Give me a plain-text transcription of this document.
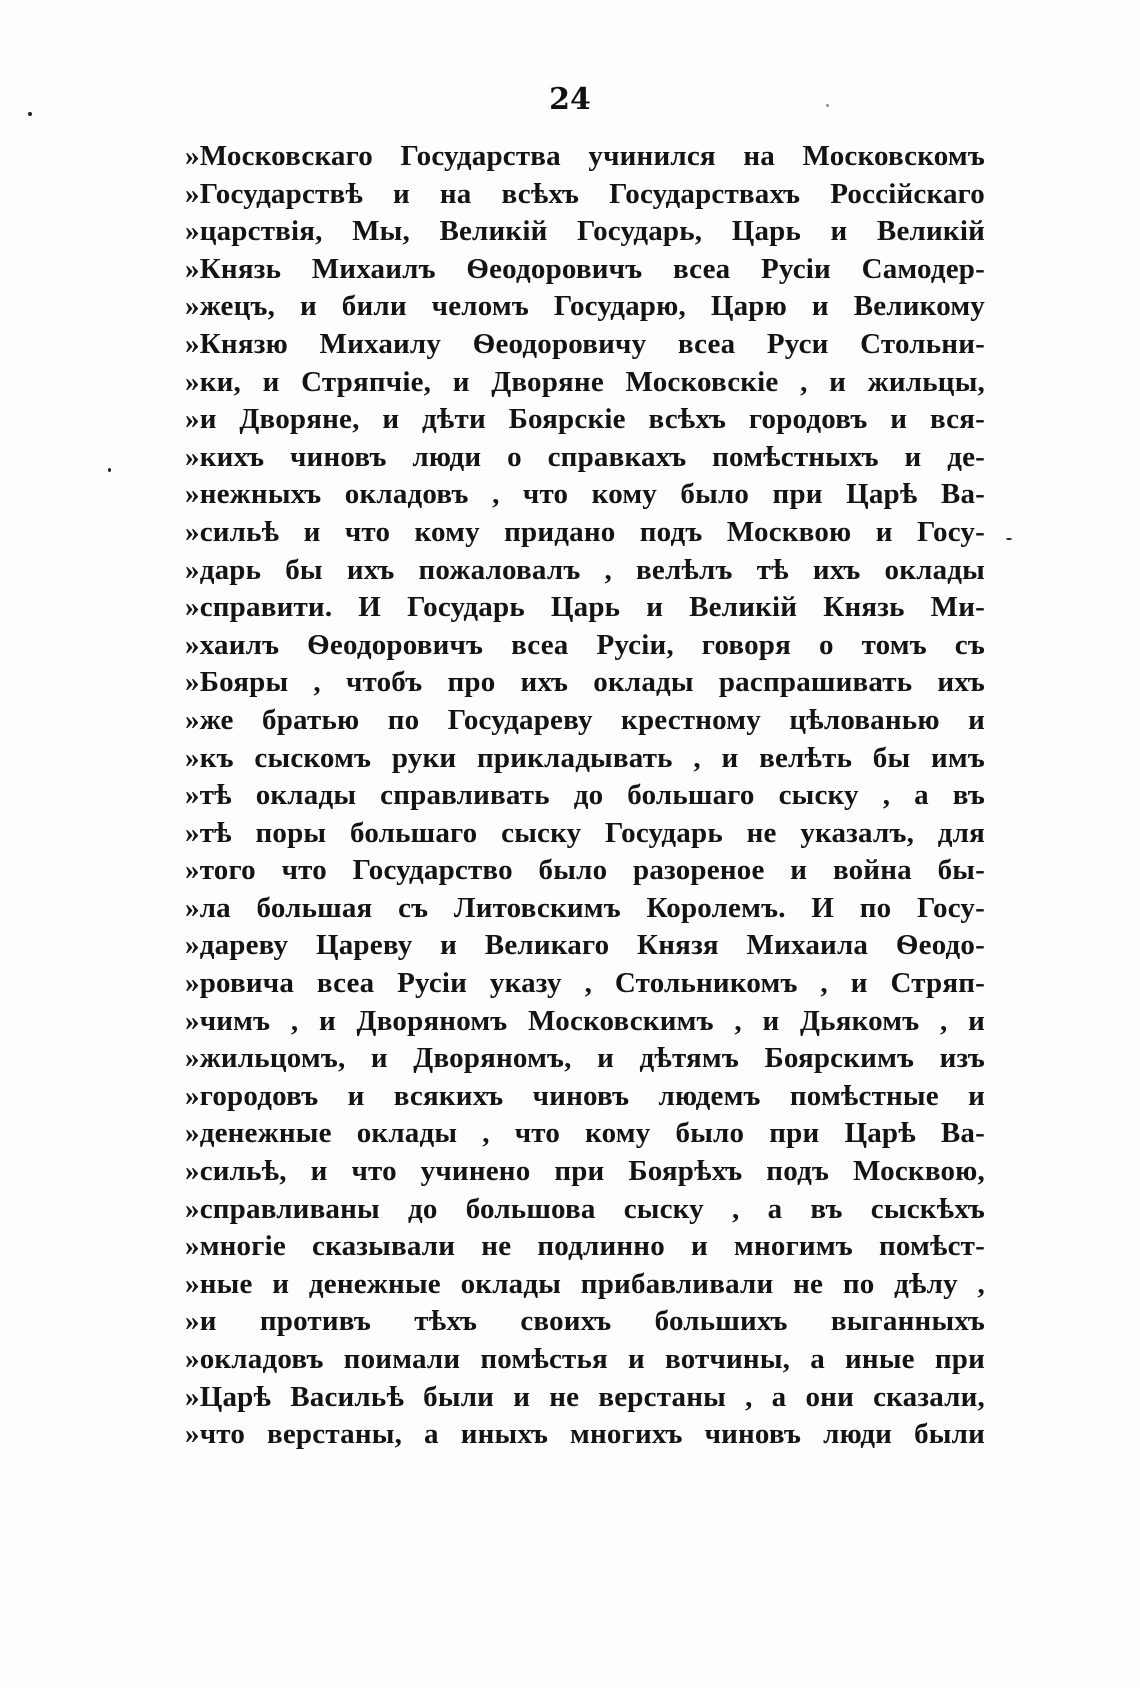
24
»Московскаго Государства учинился на Московскомъ
»Государствѣ и на всѣхъ Государствахъ Россійскаго
»царствія, Мы, Великій Государь, Царь и Великій
»Князь Михаилъ Ѳеодоровичъ всеа Русіи Самодер-
»жецъ, и били челомъ Государю, Царю и Великому
»Князю Михаилу Ѳеодоровичу всеа Руси Стольни-
»ки, и Стряпчіе, и Дворяне Московскіе , и жильцы,
»и Дворяне, и дѣти Боярскіе всѣхъ городовъ и вся-
»кихъ чиновъ люди о справкахъ помѣстныхъ и де-
»нежныхъ окладовъ , что кому было при Царѣ Ва-
»сильѣ и что кому придано подъ Москвою и Госу-
»дарь бы ихъ пожаловалъ , велѣлъ тѣ ихъ оклады
»справити. И Государь Царь и Великій Князь Ми-
»хаилъ Ѳеодоровичъ всеа Русіи, говоря о томъ съ
»Бояры , чтобъ про ихъ оклады распрашивать ихъ
»же братью по Государеву крестному цѣлованью и
»къ сыскомъ руки прикладывать , и велѣть бы имъ
»тѣ оклады справливать до большаго сыску , а въ
»тѣ поры большаго сыску Государь не указалъ, для
»того что Государство было разореное и война бы-
»ла большая съ Литовскимъ Королемъ. И по Госу-
»дареву Цареву и Великаго Князя Михаила Ѳеодо-
»ровича всеа Русіи указу , Стольникомъ , и Стряп-
»чимъ , и Дворяномъ Московскимъ , и Дьякомъ , и
»жильцомъ, и Дворяномъ, и дѣтямъ Боярскимъ изъ
»городовъ и всякихъ чиновъ людемъ помѣстные и
»денежные оклады , что кому было при Царѣ Ва-
»сильѣ, и что учинено при Боярѣхъ подъ Москвою,
»справливаны до большова сыску , а въ сыскѣхъ
»многіе сказывали не подлинно и многимъ помѣст-
»ные и денежные оклады прибавливали не по дѣлу ,
»и противъ тѣхъ своихъ большихъ выганныхъ
»окладовъ поимали помѣстья и вотчины, а иные при
»Царѣ Васильѣ были и не верстаны , а они сказали,
»что верстаны, а иныхъ многихъ чиновъ люди были
